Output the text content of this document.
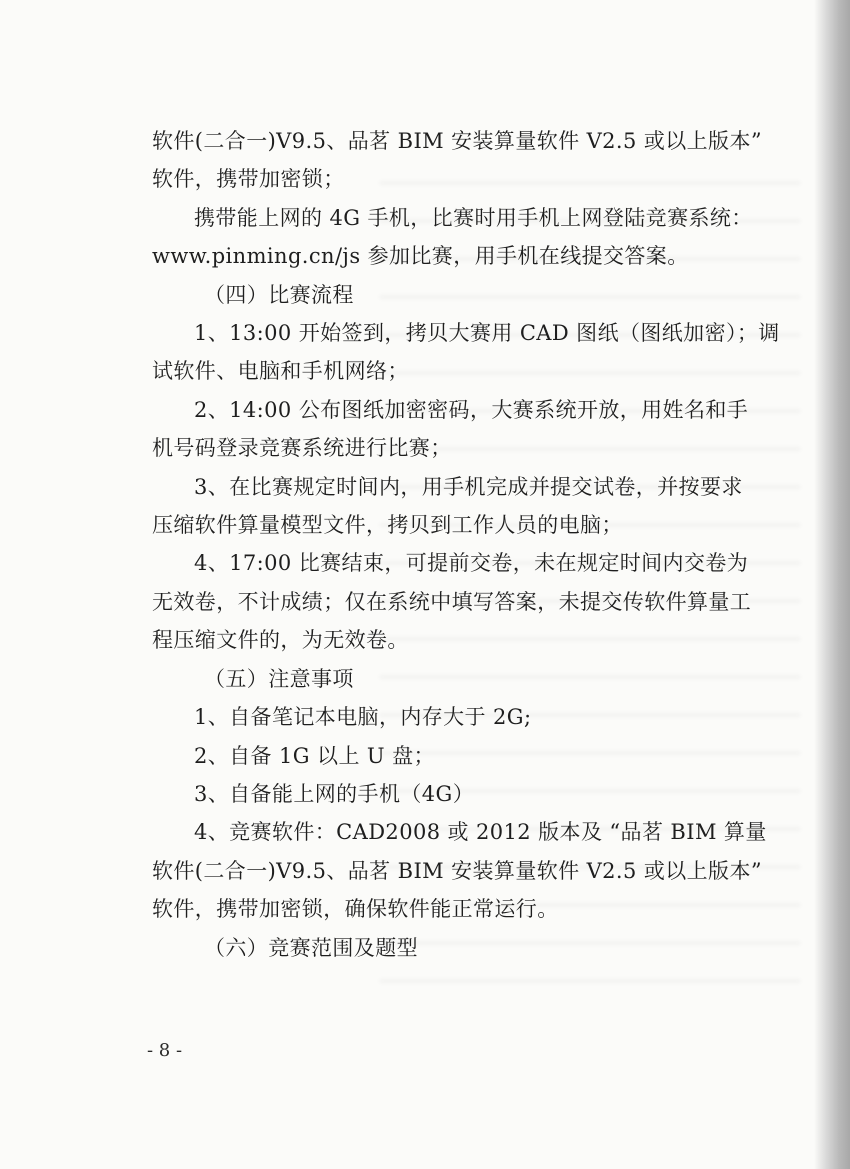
软件(二合一)V9.5、品茗 BIM 安装算量软件 V2.5 或以上版本”

软件，携带加密锁；

携带能上网的 4G 手机，比赛时用手机上网登陆竞赛系统：

www.pinming.cn/js 参加比赛，用手机在线提交答案。

（四）比赛流程

1、13:00 开始签到，拷贝大赛用 CAD 图纸（图纸加密）；调

试软件、电脑和手机网络；

2、14:00 公布图纸加密密码，大赛系统开放，用姓名和手

机号码登录竞赛系统进行比赛；

3、在比赛规定时间内，用手机完成并提交试卷，并按要求

压缩软件算量模型文件，拷贝到工作人员的电脑；

4、17:00 比赛结束，可提前交卷，未在规定时间内交卷为

无效卷，不计成绩；仅在系统中填写答案，未提交传软件算量工

程压缩文件的，为无效卷。

（五）注意事项

1、自备笔记本电脑，内存大于 2G;

2、自备 1G 以上 U 盘；

3、自备能上网的手机（4G）

4、竞赛软件：CAD2008 或 2012 版本及 “品茗 BIM 算量

软件(二合一)V9.5、品茗 BIM 安装算量软件 V2.5 或以上版本”

软件，携带加密锁，确保软件能正常运行。

（六）竞赛范围及题型

- 8 -
